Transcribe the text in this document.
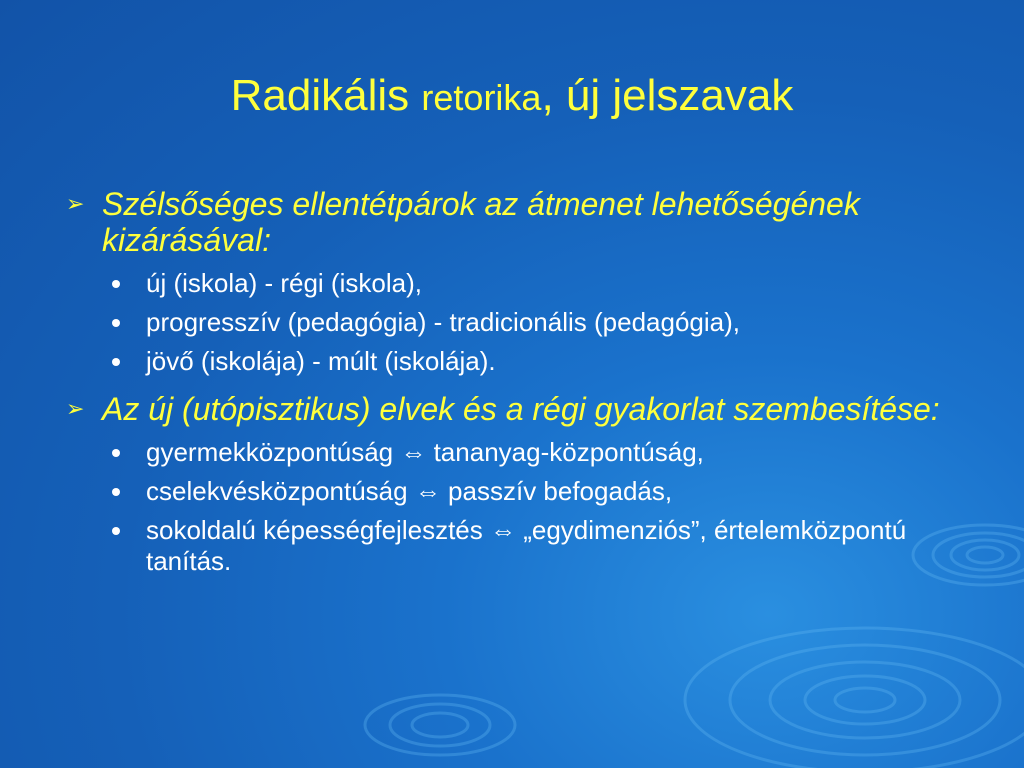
Radikális retorika, új jelszavak
➢ Szélsőséges ellentétpárok az átmenet lehetőségének kizárásával:
új (iskola) - régi (iskola),
progresszív (pedagógia) - tradicionális (pedagógia),
jövő (iskolája) - múlt (iskolája).
➢ Az új (utópisztikus) elvek és a régi gyakorlat szembesítése:
gyermekközpontúság ⇔ tananyag-központúság,
cselekvésközpontúság ⇔ passzív befogadás,
sokoldalú képességfejlesztés ⇔ „egydimenziós”, értelemközpontú tanítás.
